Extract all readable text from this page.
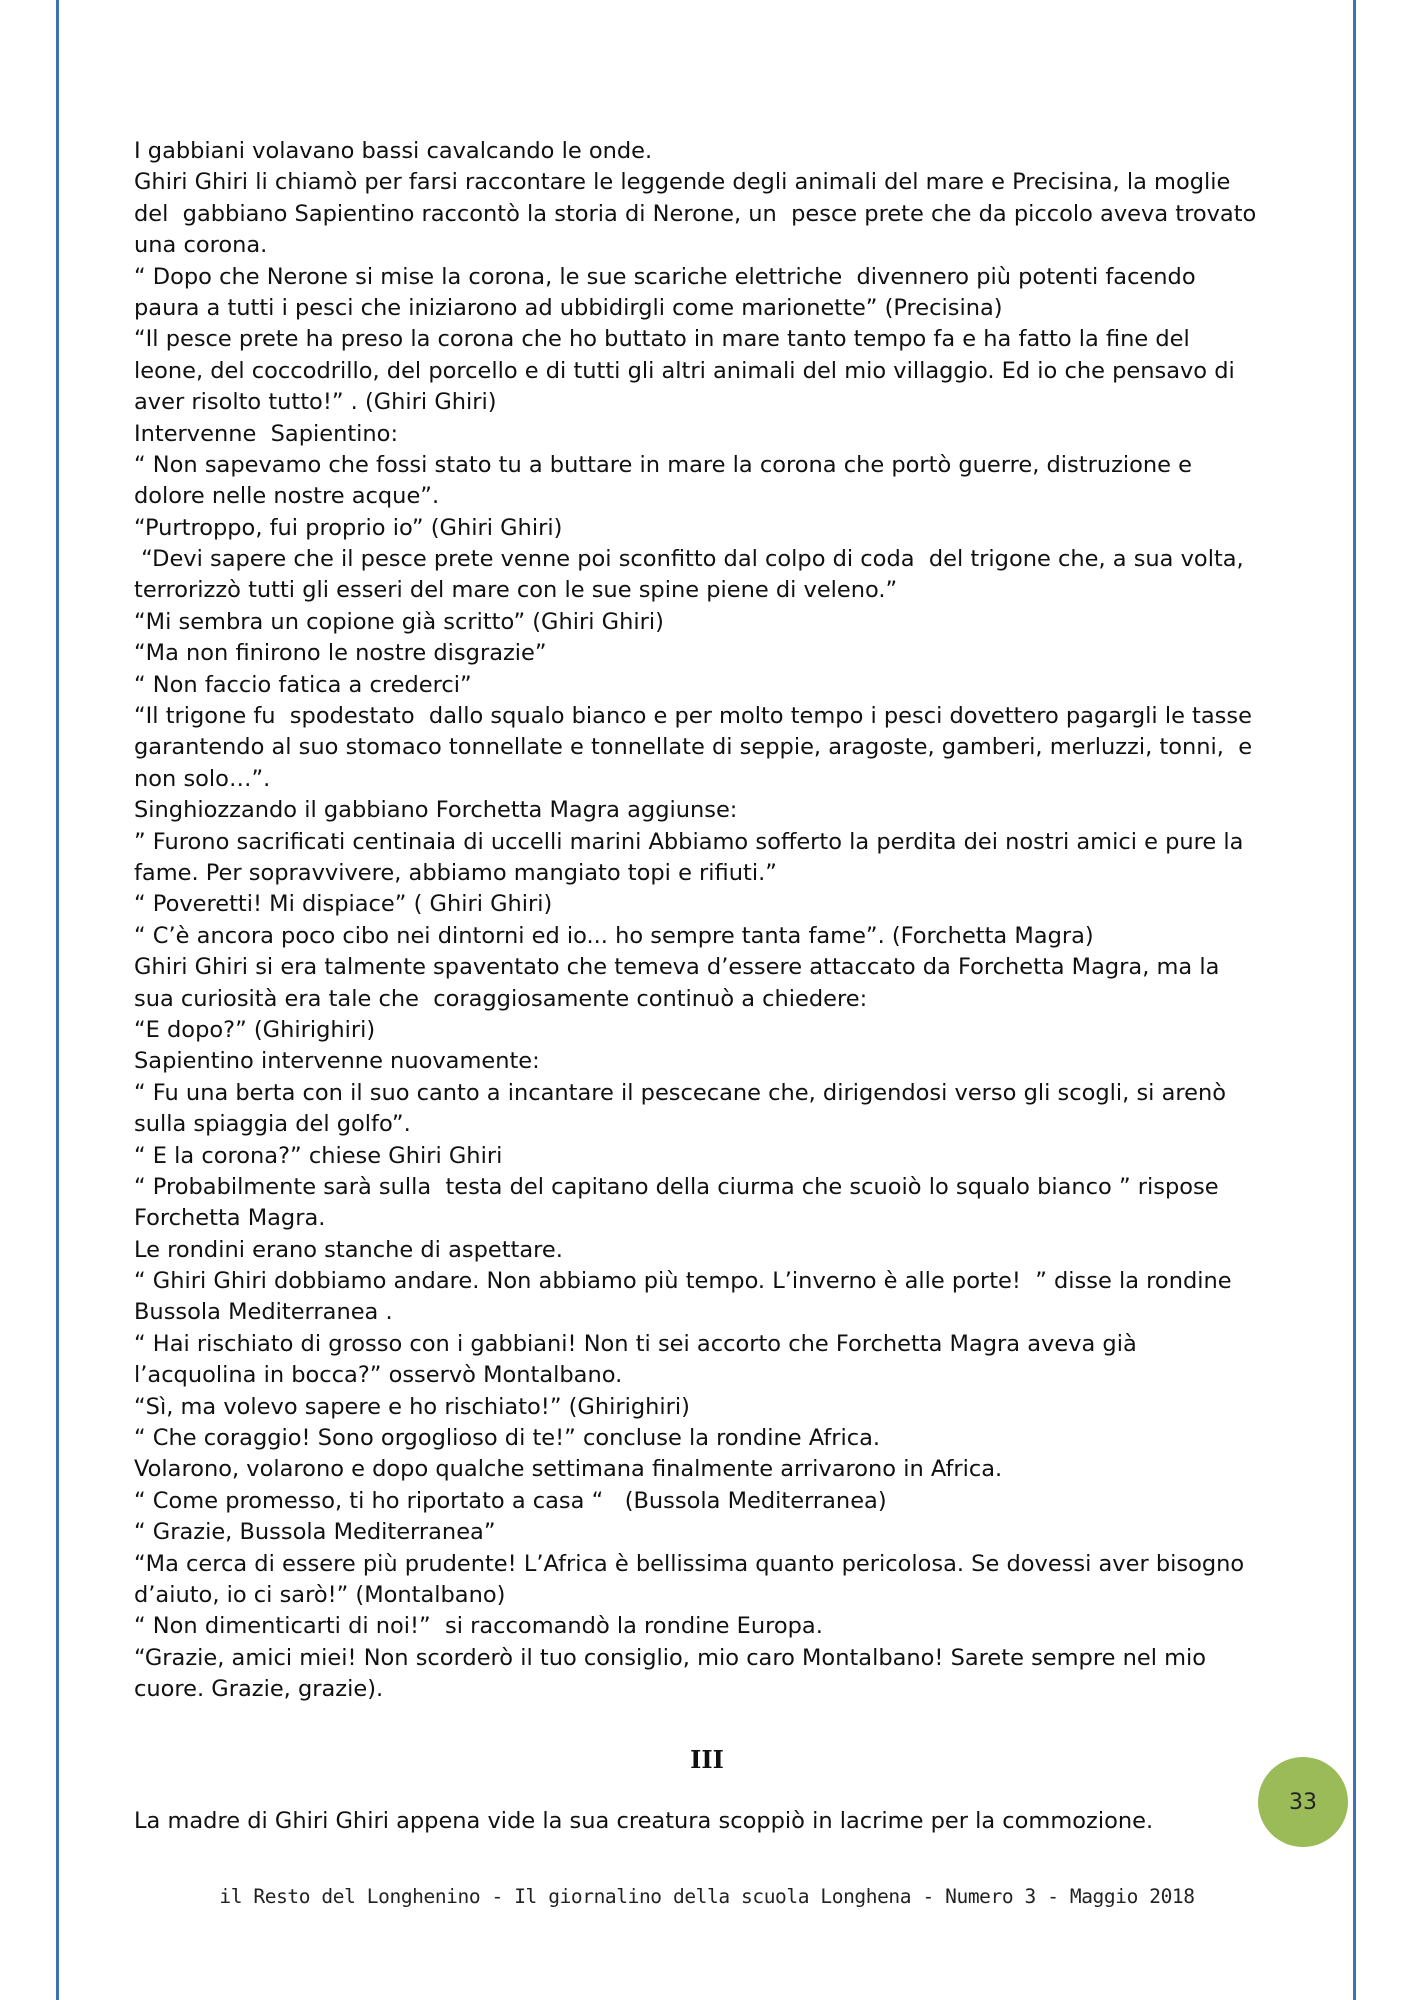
I gabbiani volavano bassi cavalcando le onde.
Ghiri Ghiri li chiamò per farsi raccontare le leggende degli animali del mare e Precisina, la moglie
del  gabbiano Sapientino raccontò la storia di Nerone, un  pesce prete che da piccolo aveva trovato
una corona.
“ Dopo che Nerone si mise la corona, le sue scariche elettriche  divennero più potenti facendo
paura a tutti i pesci che iniziarono ad ubbidirgli come marionette” (Precisina)
“Il pesce prete ha preso la corona che ho buttato in mare tanto tempo fa e ha fatto la fine del
leone, del coccodrillo, del porcello e di tutti gli altri animali del mio villaggio. Ed io che pensavo di
aver risolto tutto!” . (Ghiri Ghiri)
Intervenne  Sapientino:
“ Non sapevamo che fossi stato tu a buttare in mare la corona che portò guerre, distruzione e
dolore nelle nostre acque”.
“Purtroppo, fui proprio io” (Ghiri Ghiri)
“Devi sapere che il pesce prete venne poi sconfitto dal colpo di coda  del trigone che, a sua volta,
terrorizzò tutti gli esseri del mare con le sue spine piene di veleno.”
“Mi sembra un copione già scritto” (Ghiri Ghiri)
“Ma non finirono le nostre disgrazie”
“ Non faccio fatica a crederci”
“Il trigone fu  spodestato  dallo squalo bianco e per molto tempo i pesci dovettero pagargli le tasse
garantendo al suo stomaco tonnellate e tonnellate di seppie, aragoste, gamberi, merluzzi, tonni,  e
non solo…”.
Singhiozzando il gabbiano Forchetta Magra aggiunse:
” Furono sacrificati centinaia di uccelli marini Abbiamo sofferto la perdita dei nostri amici e pure la
fame. Per sopravvivere, abbiamo mangiato topi e rifiuti.”
“ Poveretti! Mi dispiace” ( Ghiri Ghiri)
“ C’è ancora poco cibo nei dintorni ed io... ho sempre tanta fame”. (Forchetta Magra)
Ghiri Ghiri si era talmente spaventato che temeva d’essere attaccato da Forchetta Magra, ma la
sua curiosità era tale che  coraggiosamente continuò a chiedere:
“E dopo?” (Ghirighiri)
Sapientino intervenne nuovamente:
“ Fu una berta con il suo canto a incantare il pescecane che, dirigendosi verso gli scogli, si arenò
sulla spiaggia del golfo”.
“ E la corona?” chiese Ghiri Ghiri
“ Probabilmente sarà sulla  testa del capitano della ciurma che scuoiò lo squalo bianco ” rispose
Forchetta Magra.
Le rondini erano stanche di aspettare.
“ Ghiri Ghiri dobbiamo andare. Non abbiamo più tempo. L’inverno è alle porte!  ” disse la rondine
Bussola Mediterranea .
“ Hai rischiato di grosso con i gabbiani! Non ti sei accorto che Forchetta Magra aveva già
l’acquolina in bocca?” osservò Montalbano.
“Sì, ma volevo sapere e ho rischiato!” (Ghirighiri)
“ Che coraggio! Sono orgoglioso di te!” concluse la rondine Africa.
Volarono, volarono e dopo qualche settimana finalmente arrivarono in Africa.
“ Come promesso, ti ho riportato a casa “   (Bussola Mediterranea)
“ Grazie, Bussola Mediterranea”
“Ma cerca di essere più prudente! L’Africa è bellissima quanto pericolosa. Se dovessi aver bisogno
d’aiuto, io ci sarò!” (Montalbano)
“ Non dimenticarti di noi!”  si raccomandò la rondine Europa.
“Grazie, amici miei! Non scorderò il tuo consiglio, mio caro Montalbano! Sarete sempre nel mio
cuore. Grazie, grazie).
III
La madre di Ghiri Ghiri appena vide la sua creatura scoppiò in lacrime per la commozione.
33
il Resto del Longhenino - Il giornalino della scuola Longhena - Numero 3 - Maggio 2018
